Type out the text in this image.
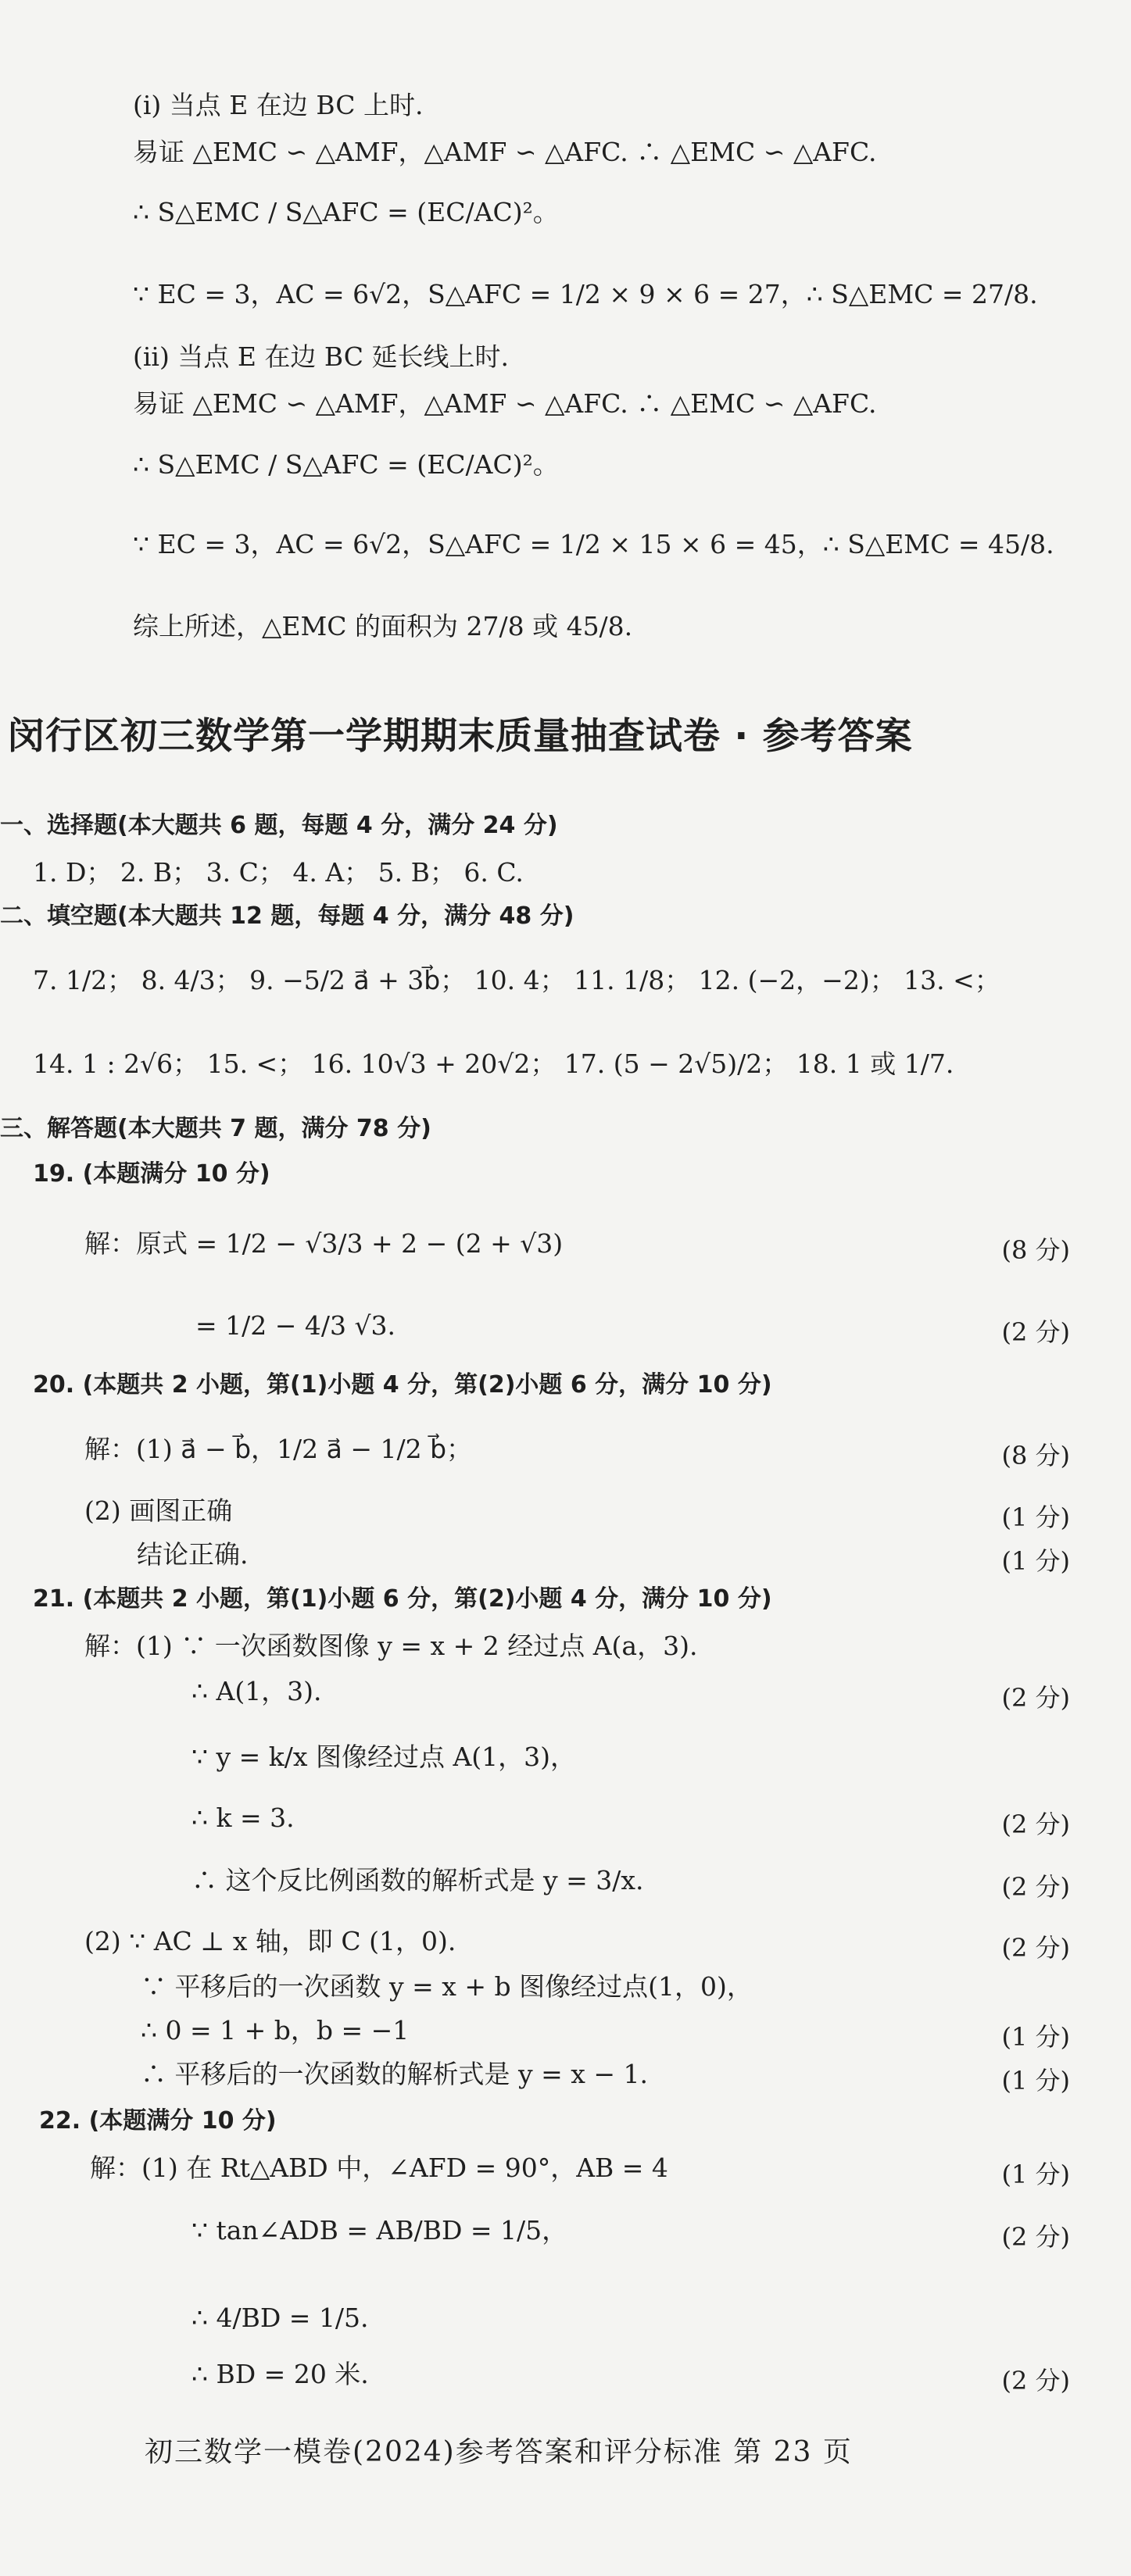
(i) 当点 E 在边 BC 上时.
易证 △EMC ∽ △AMF，△AMF ∽ △AFC. ∴ △EMC ∽ △AFC.
∴ S△EMC / S△AFC = (EC/AC)²。
∵ EC = 3，AC = 6√2，S△AFC = 1/2 × 9 × 6 = 27，∴ S△EMC = 27/8.
(ii) 当点 E 在边 BC 延长线上时.
易证 △EMC ∽ △AMF，△AMF ∽ △AFC. ∴ △EMC ∽ △AFC.
∴ S△EMC / S△AFC = (EC/AC)²。
∵ EC = 3，AC = 6√2，S△AFC = 1/2 × 15 × 6 = 45，∴ S△EMC = 45/8.
综上所述，△EMC 的面积为 27/8 或 45/8.
闵行区初三数学第一学期期末质量抽查试卷 · 参考答案
一、选择题(本大题共 6 题，每题 4 分，满分 24 分)
1. D； 2. B； 3. C； 4. A； 5. B； 6. C.
二、填空题(本大题共 12 题，每题 4 分，满分 48 分)
7. 1/2； 8. 4/3； 9. −5/2 a⃗ + 3b⃗； 10. 4； 11. 1/8； 12. (−2，−2)； 13. <；
14. 1 : 2√6； 15. <； 16. 10√3 + 20√2； 17. (5 − 2√5)/2； 18. 1 或 1/7.
三、解答题(本大题共 7 题，满分 78 分)
19. (本题满分 10 分)
解：原式 = 1/2 − √3/3 + 2 − (2 + √3)	(8 分)
= 1/2 − 4/3 √3.	(2 分)
20. (本题共 2 小题，第(1)小题 4 分，第(2)小题 6 分，满分 10 分)
解：(1) a⃗ − b⃗，1/2 a⃗ − 1/2 b⃗；	(8 分)
(2) 画图正确	(1 分)
结论正确.	(1 分)
21. (本题共 2 小题，第(1)小题 6 分，第(2)小题 4 分，满分 10 分)
解：(1) ∵ 一次函数图像 y = x + 2 经过点 A(a，3).
∴ A(1，3).	(2 分)
∵ y = k/x 图像经过点 A(1，3)，
∴ k = 3.	(2 分)
∴ 这个反比例函数的解析式是 y = 3/x.	(2 分)
(2) ∵ AC ⊥ x 轴，即 C (1，0).	(2 分)
∵ 平移后的一次函数 y = x + b 图像经过点(1，0)，
∴ 0 = 1 + b，b = −1	(1 分)
∴ 平移后的一次函数的解析式是 y = x − 1.	(1 分)
22. (本题满分 10 分)
解：(1) 在 Rt△ABD 中，∠AFD = 90°，AB = 4	(1 分)
∵ tan∠ADB = AB/BD = 1/5，	(2 分)
∴ 4/BD = 1/5.
∴ BD = 20 米.	(2 分)
初三数学一模卷(2024)参考答案和评分标准 第 23 页
